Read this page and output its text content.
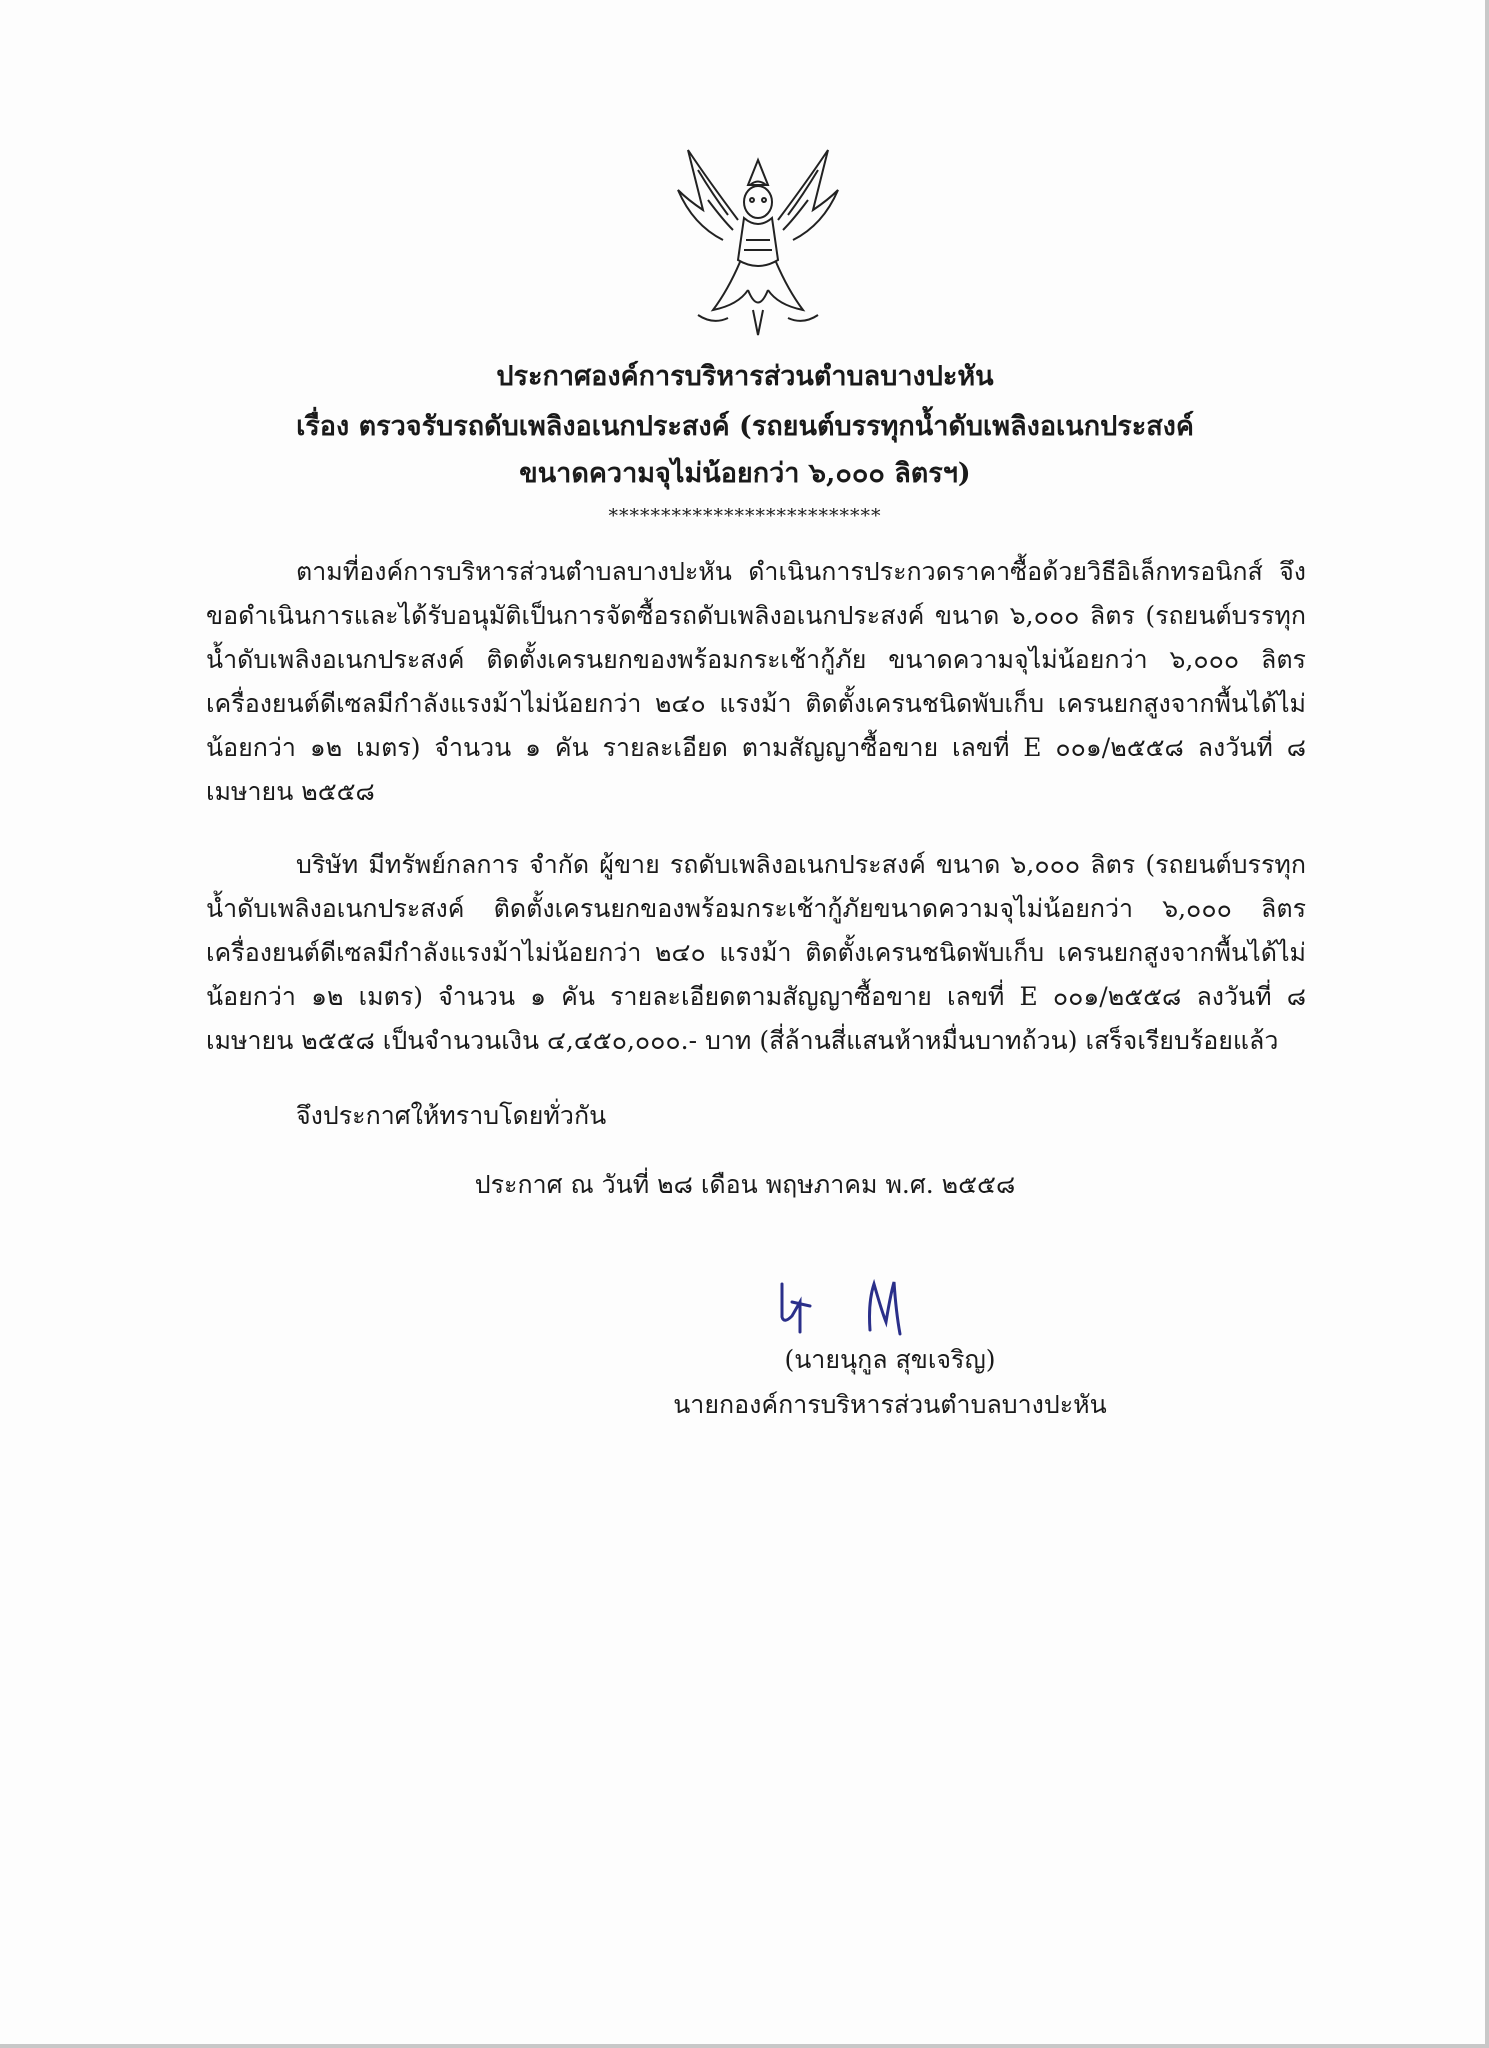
ประกาศองค์การบริหารส่วนตำบลบางปะหัน
เรื่อง ตรวจรับรถดับเพลิงอเนกประสงค์ (รถยนต์บรรทุกน้ำดับเพลิงอเนกประสงค์
ขนาดความจุไม่น้อยกว่า ๖,๐๐๐ ลิตรฯ)
**************************

ตามที่องค์การบริหารส่วนตำบลบางปะหัน ดำเนินการประกวดราคาซื้อด้วยวิธีอิเล็กทรอนิกส์ จึงขอดำเนินการและได้รับอนุมัติเป็นการจัดซื้อรถดับเพลิงอเนกประสงค์ ขนาด ๖,๐๐๐ ลิตร (รถยนต์บรรทุกน้ำดับเพลิงอเนกประสงค์ ติดตั้งเครนยกของพร้อมกระเช้ากู้ภัย ขนาดความจุไม่น้อยกว่า ๖,๐๐๐ ลิตร เครื่องยนต์ดีเซลมีกำลังแรงม้าไม่น้อยกว่า ๒๔๐ แรงม้า ติดตั้งเครนชนิดพับเก็บ เครนยกสูงจากพื้นได้ไม่น้อยกว่า ๑๒ เมตร) จำนวน ๑ คัน รายละเอียด ตามสัญญาซื้อขาย เลขที่ E ๐๐๑/๒๕๕๘ ลงวันที่ ๘ เมษายน ๒๕๕๘

บริษัท มีทรัพย์กลการ จำกัด ผู้ขาย รถดับเพลิงอเนกประสงค์ ขนาด ๖,๐๐๐ ลิตร (รถยนต์บรรทุกน้ำดับเพลิงอเนกประสงค์ ติดตั้งเครนยกของพร้อมกระเช้ากู้ภัยขนาดความจุไม่น้อยกว่า ๖,๐๐๐ ลิตร เครื่องยนต์ดีเซลมีกำลังแรงม้าไม่น้อยกว่า ๒๔๐ แรงม้า ติดตั้งเครนชนิดพับเก็บ เครนยกสูงจากพื้นได้ไม่น้อยกว่า ๑๒ เมตร) จำนวน ๑ คัน รายละเอียดตามสัญญาซื้อขาย เลขที่ E ๐๐๑/๒๕๕๘ ลงวันที่ ๘ เมษายน ๒๕๕๘ เป็นจำนวนเงิน ๔,๔๕๐,๐๐๐.- บาท (สี่ล้านสี่แสนห้าหมื่นบาทถ้วน) เสร็จเรียบร้อยแล้ว

จึงประกาศให้ทราบโดยทั่วกัน

ประกาศ ณ วันที่ ๒๘ เดือน พฤษภาคม พ.ศ. ๒๕๕๘
(นายนุกูล สุขเจริญ)
นายกองค์การบริหารส่วนตำบลบางปะหัน
